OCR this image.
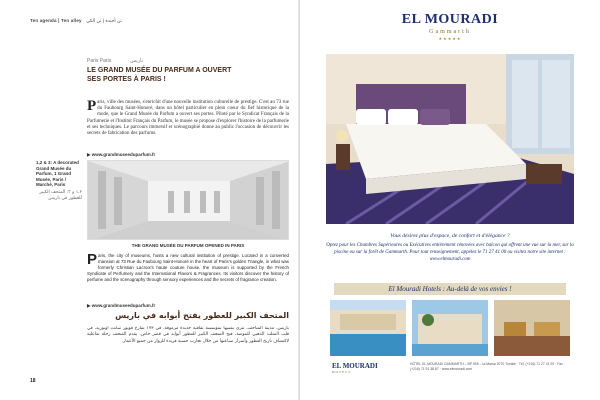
Ten agenda | Ten alley تن أجندة | تن الكي
Paris Paris	باريس
LE GRAND MUSÉE DU PARFUM A OUVERT SES PORTES À PARIS !
Paris, ville des musées, s'enrichit d'une nouvelle institution culturelle de prestige. C'est au 73 rue du Faubourg Saint-Honoré, dans un hôtel particulier en plein coeur du fief historique de la mode, que le Grand Musée du Parfum a ouvert ses portes. Piloté par le Syndicat Français de la Parfumerie et l'Institut Français du Parfum, le musée se propose d'explorer l'histoire de la parfumerie et ses techniques. Le parcours immersif et scénographié donne au public l'occasion de découvrir les secrets de fabrication des parfums.
▶ www.grandmuseeduparfum.fr
1,2 & 3: A decorated Grand Musée du Parfum, 1 Grand Musée, Paris / Marché, Paris
١،٢ و ٣: المتحف الكبير للعطور في باريس
THE GRAND MUSÉE DU PARFUM OPENED IN PARIS
Paris, the city of museums, hosts a new cultural institution of prestige. Located in a converted mansion at 73 Rue du Faubourg Saint-Honoré in the heart of Paris's golden Triangle, in what was formerly Christian Lacroix's haute couture house, the museum is supported by the French Syndicate of Perfumery and the International Flavors & Fragrances. Its visitors discover the history of perfume and the scenography through sensory experiences and the secrets of fragrance creation.
▶ www.grandmuseeduparfum.fr
المتحف الكبير للعطور يفتح أبوابه في باريس
باريس، مدينة المتاحف، تثري نفسها بمؤسسة ثقافية جديدة مرموقة. في ١٧٣ شارع فوبور سانت أونوريه، في قلب المثلث الذهبي للموضة، فتح المتحف الكبير للعطور أبوابه في قصر خاص. يقدم المتحف رحلة تفاعلية لاكتشاف تاريخ العطور وأسرار صناعتها من خلال تجارب حسية فريدة للزوار من جميع الأعمار.
18
EL MOURADI
Gammarth
★★★★★
Vous désirez plus d'espace, de confort et d'élégance ?
Optez pour les Chambres Supérieures ou Exécutives entièrement rénovées avec balcon qui offrent une vue sur la mer, sur la piscine ou sur la forêt de Gammarth. Pour tout renseignement, appelez le 71 27 41 00 ou visitez notre site internet : www.elmouradi.com
El Mouradi Hotels : Au-delà de vos envies !
EL MOURADI
HOTELS
HÔTEL EL MOURADI GAMMARTH – BP 595 - La Marsa 2070 Tunisie · Tél. (+216) 71 27 41 00 · Fax (+216) 71 91 38 87 · www.elmouradi.com
